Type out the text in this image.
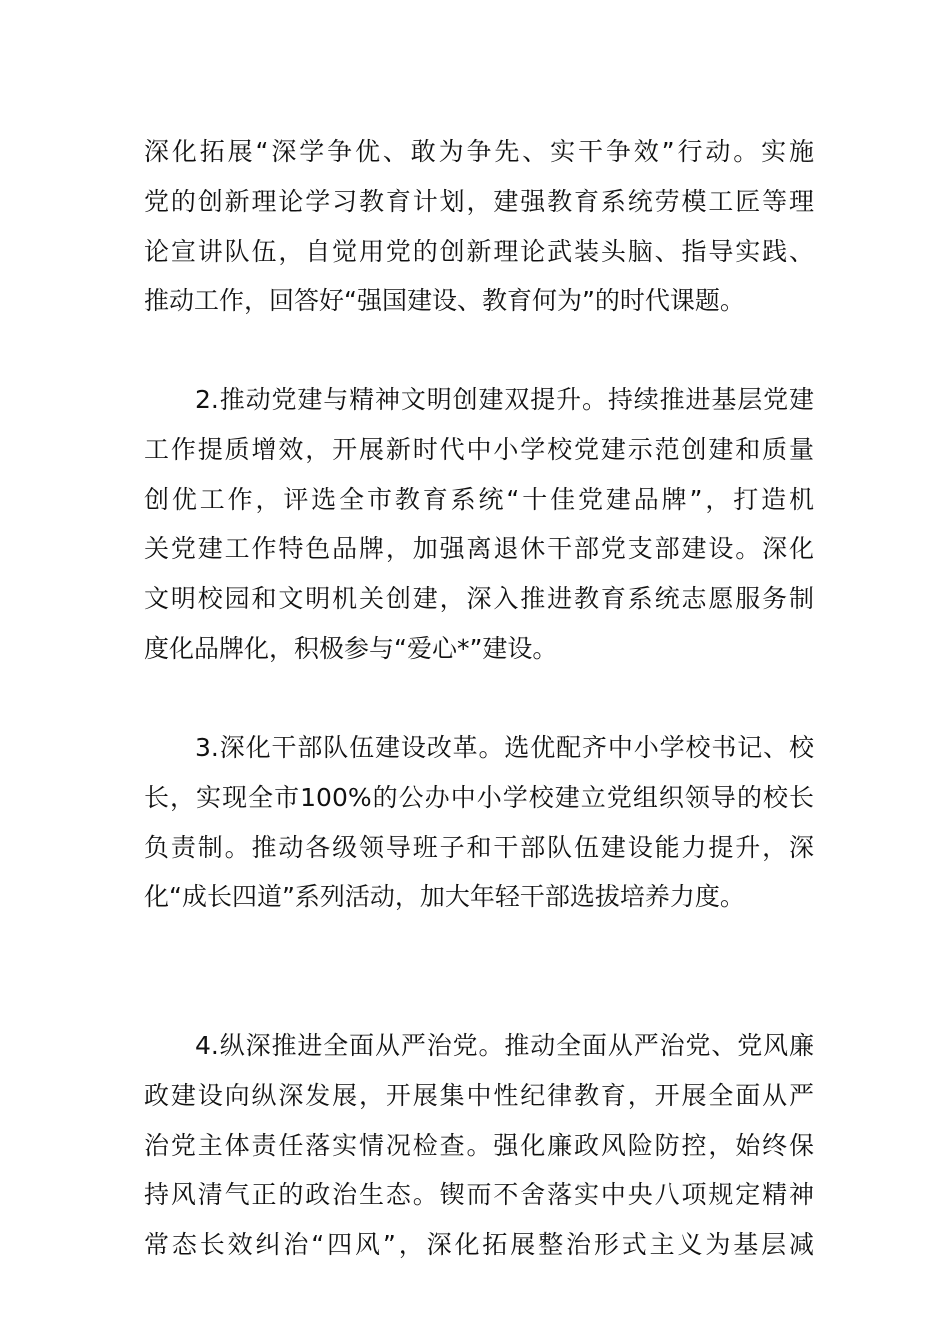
深化拓展“深学争优、敢为争先、实干争效”行动。实施
党的创新理论学习教育计划，建强教育系统劳模工匠等理
论宣讲队伍，自觉用党的创新理论武装头脑、指导实践、
推动工作，回答好“强国建设、教育何为”的时代课题。

2.推动党建与精神文明创建双提升。持续推进基层党建
工作提质增效，开展新时代中小学校党建示范创建和质量
创优工作，评选全市教育系统“十佳党建品牌”，打造机
关党建工作特色品牌，加强离退休干部党支部建设。深化
文明校园和文明机关创建，深入推进教育系统志愿服务制
度化品牌化，积极参与“爱心*”建设。

3.深化干部队伍建设改革。选优配齐中小学校书记、校
长，实现全市100%的公办中小学校建立党组织领导的校长
负责制。推动各级领导班子和干部队伍建设能力提升，深
化“成长四道”系列活动，加大年轻干部选拔培养力度。

4.纵深推进全面从严治党。推动全面从严治党、党风廉
政建设向纵深发展，开展集中性纪律教育，开展全面从严
治党主体责任落实情况检查。强化廉政风险防控，始终保
持风清气正的政治生态。锲而不舍落实中央八项规定精神
常态长效纠治“四风”，深化拓展整治形式主义为基层减
